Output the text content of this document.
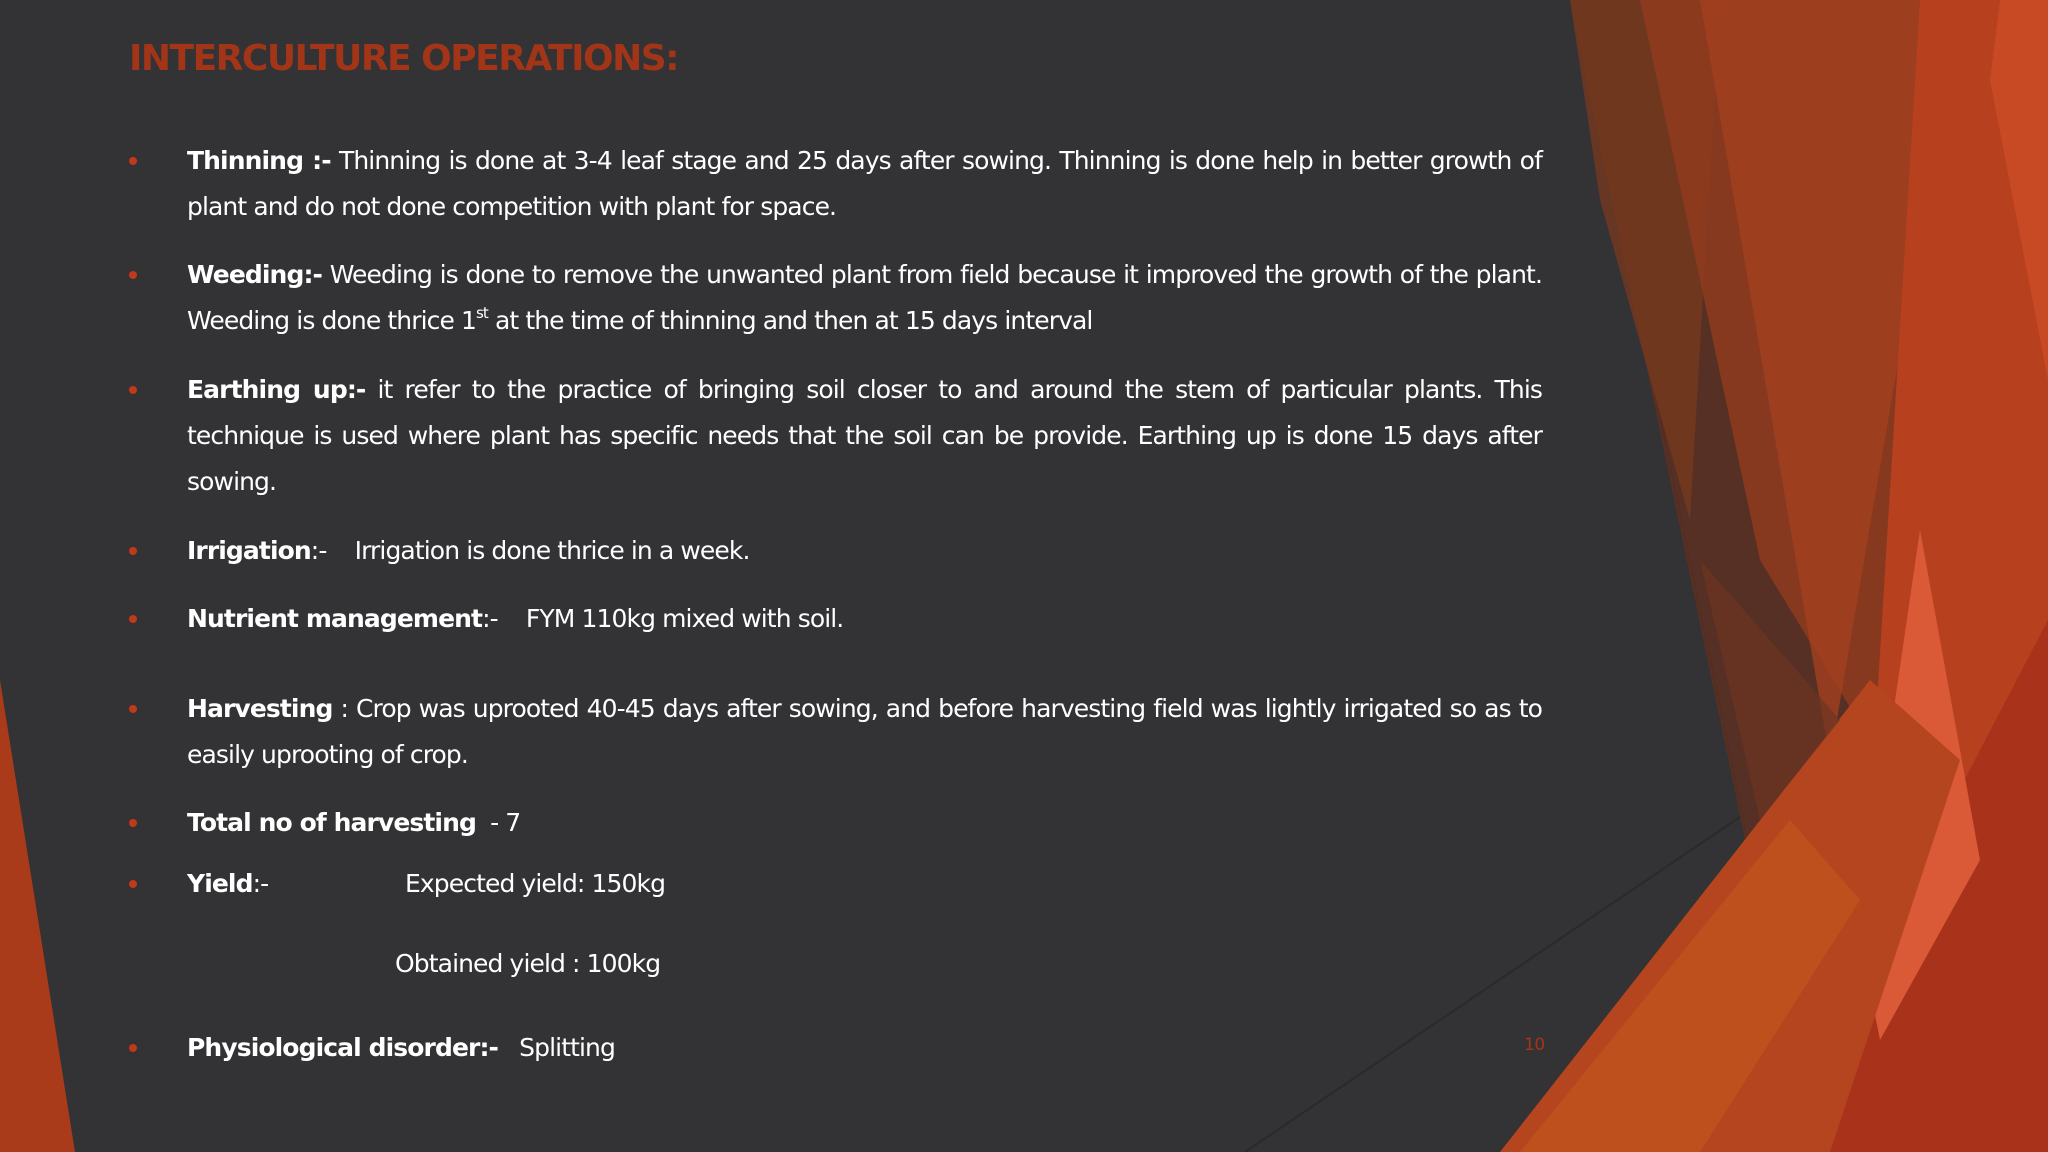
INTERCULTURE OPERATIONS:

Thinning :- Thinning is done at 3-4 leaf stage and 25 days after sowing. Thinning is done help in better growth of plant and do not done competition with plant for space.

Weeding:- Weeding is done to remove the unwanted plant from field because it improved the growth of the plant. Weeding is done thrice 1st at the time of thinning and then at 15 days interval

Earthing up:- it refer to the practice of bringing soil closer to and around the stem of particular plants. This technique is used where plant has specific needs that the soil can be provide. Earthing up is done 15 days after sowing.

Irrigation:-    Irrigation is done thrice in a week.

Nutrient management:-    FYM 110kg mixed with soil.

Harvesting : Crop was uprooted 40-45 days after sowing, and before harvesting field was lightly irrigated so as to easily uprooting of crop.

Total no of harvesting  - 7

Yield:-	Expected yield: 150kg

Obtained yield : 100kg

Physiological disorder:-   Splitting	10
